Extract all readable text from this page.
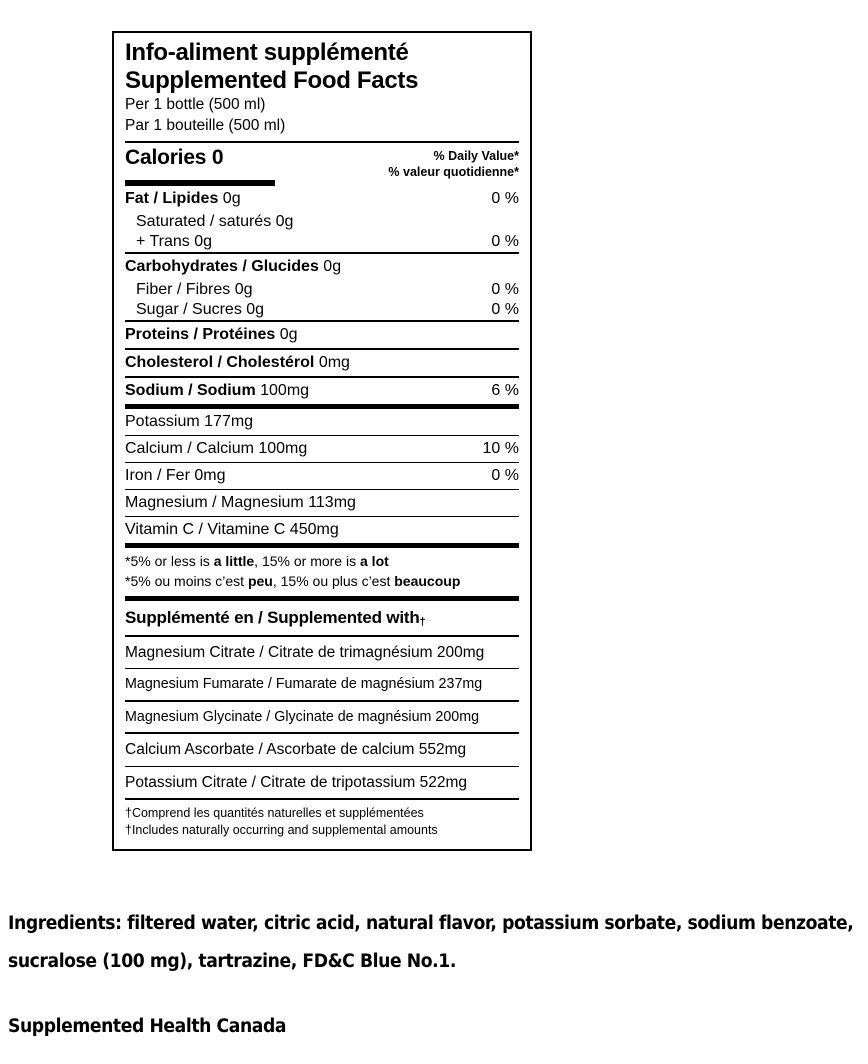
Info-aliment supplémenté
Supplemented Food Facts
Per 1 bottle (500 ml)
Par 1 bouteille (500 ml)
Calories 0	% Daily Value*
% valeur quotidienne*
Fat / Lipides 0g	0 %
Saturated / saturés 0g
+ Trans 0g	0 %
Carbohydrates / Glucides 0g
Fiber / Fibres 0g	0 %
Sugar / Sucres 0g	0 %
Proteins / Protéines 0g
Cholesterol / Cholestérol 0mg
Sodium / Sodium 100mg	6 %
Potassium 177mg
Calcium / Calcium 100mg	10 %
Iron / Fer 0mg	0 %
Magnesium / Magnesium 113mg
Vitamin C / Vitamine C 450mg
*5% or less is a little, 15% or more is a lot
*5% ou moins c’est peu, 15% ou plus c’est beaucoup
Supplémenté en / Supplemented with$_\dagger$
Magnesium Citrate / Citrate de trimagnésium 200mg
Magnesium Fumarate / Fumarate de magnésium 237mg
Magnesium Glycinate / Glycinate de magnésium 200mg
Calcium Ascorbate / Ascorbate de calcium 552mg
Potassium Citrate / Citrate de tripotassium 522mg
†Comprend les quantités naturelles et supplémentées
†Includes naturally occurring and supplemental amounts
Ingredients: filtered water, citric acid, natural flavor, potassium sorbate, sodium benzoate, sucralose (100 mg), tartrazine, FD&C Blue No.1.
Supplemented Health Canada
